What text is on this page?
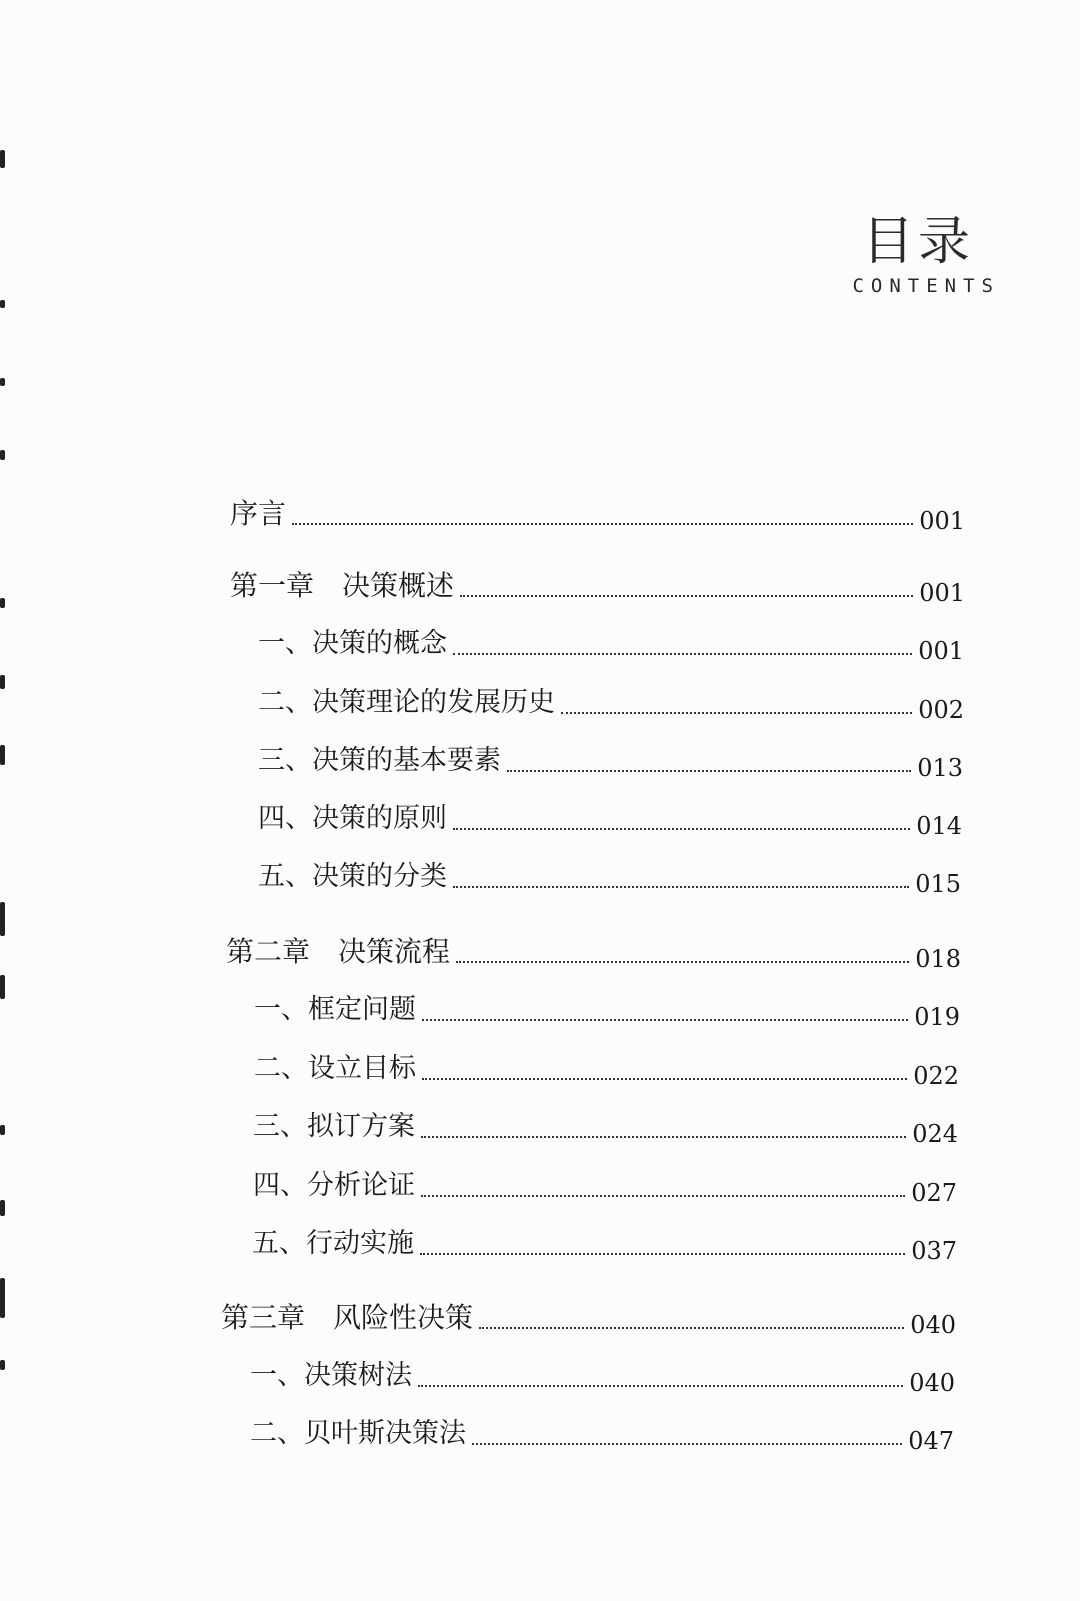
目录
CONTENTS
序言	001
第一章　决策概述	001
一、决策的概念	001
二、决策理论的发展历史	002
三、决策的基本要素	013
四、决策的原则	014
五、决策的分类	015
第二章　决策流程	018
一、框定问题	019
二、设立目标	022
三、拟订方案	024
四、分析论证	027
五、行动实施	037
第三章　风险性决策	040
一、决策树法	040
二、贝叶斯决策法	047
